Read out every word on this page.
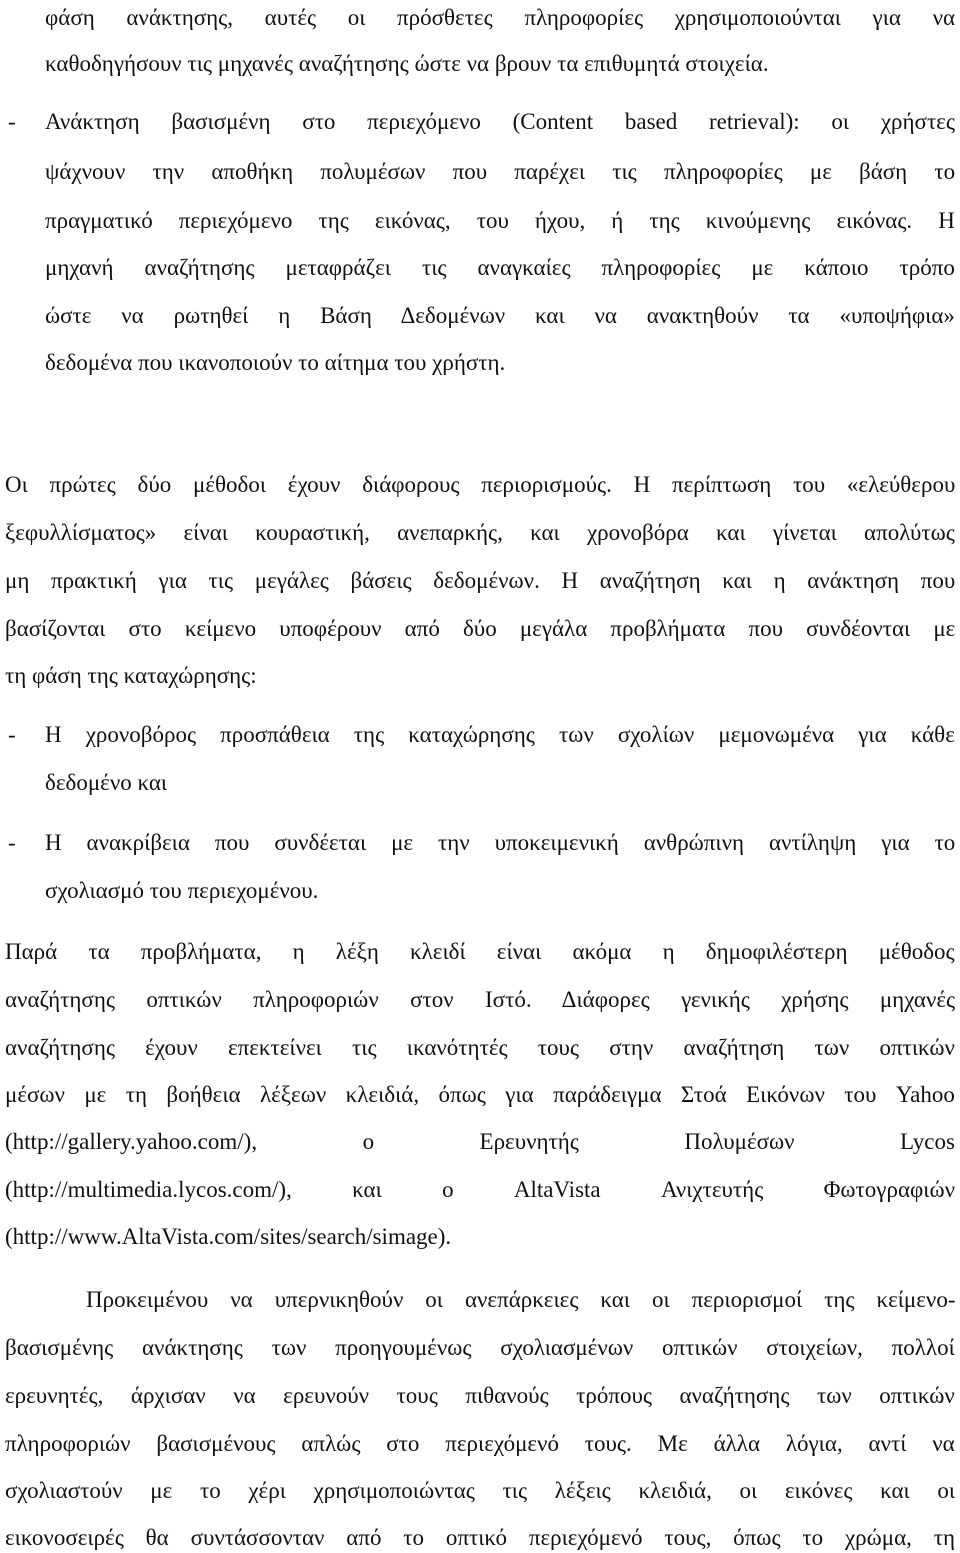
φάση ανάκτησης, αυτές οι πρόσθετες πληροφορίες χρησιμοποιούνται για να
καθοδηγήσουν τις μηχανές αναζήτησης ώστε να βρουν τα επιθυμητά στοιχεία.
- Ανάκτηση βασισμένη στο περιεχόμενο (Content based retrieval): οι χρήστες
ψάχνουν την αποθήκη πολυμέσων που παρέχει τις πληροφορίες με βάση το
πραγματικό περιεχόμενο της εικόνας, του ήχου, ή της κινούμενης εικόνας. Η
μηχανή αναζήτησης μεταφράζει τις αναγκαίες πληροφορίες με κάποιο τρόπο
ώστε να ρωτηθεί η Βάση Δεδομένων και να ανακτηθούν τα «υποψήφια»
δεδομένα που ικανοποιούν το αίτημα του χρήστη.
Οι πρώτες δύο μέθοδοι έχουν διάφορους περιορισμούς. Η περίπτωση του «ελεύθερου
ξεφυλλίσματος» είναι κουραστική, ανεπαρκής, και χρονοβόρα και γίνεται απολύτως
μη πρακτική για τις μεγάλες βάσεις δεδομένων. Η αναζήτηση και η ανάκτηση που
βασίζονται στο κείμενο υποφέρουν από δύο μεγάλα προβλήματα που συνδέονται με
τη φάση της καταχώρησης:
- Η χρονοβόρος προσπάθεια της καταχώρησης των σχολίων μεμονωμένα για κάθε
δεδομένο και
- Η ανακρίβεια που συνδέεται με την υποκειμενική ανθρώπινη αντίληψη για το
σχολιασμό του περιεχομένου.
Παρά τα προβλήματα, η λέξη κλειδί είναι ακόμα η δημοφιλέστερη μέθοδος
αναζήτησης οπτικών πληροφοριών στον Ιστό. Διάφορες γενικής χρήσης μηχανές
αναζήτησης έχουν επεκτείνει τις ικανότητές τους στην αναζήτηση των οπτικών
μέσων με τη βοήθεια λέξεων κλειδιά, όπως για παράδειγμα Στοά Εικόνων του Yahoo
(http://gallery.yahoo.com/),	ο	Ερευνητής	Πολυμέσων	Lycos
(http://multimedia.lycos.com/),	και	ο	AltaVista	Ανιχτευτής	Φωτογραφιών
(http://www.AltaVista.com/sites/search/simage).
Προκειμένου να υπερνικηθούν οι ανεπάρκειες και οι περιορισμοί της κείμενο-
βασισμένης ανάκτησης των προηγουμένως σχολιασμένων οπτικών στοιχείων, πολλοί
ερευνητές, άρχισαν να ερευνούν τους πιθανούς τρόπους αναζήτησης των οπτικών
πληροφοριών βασισμένους απλώς στο περιεχόμενό τους. Με άλλα λόγια, αντί να
σχολιαστούν με το χέρι χρησιμοποιώντας τις λέξεις κλειδιά, οι εικόνες και οι
εικονοσειρές θα συντάσσονταν από το οπτικό περιεχόμενό τους, όπως το χρώμα, τη
